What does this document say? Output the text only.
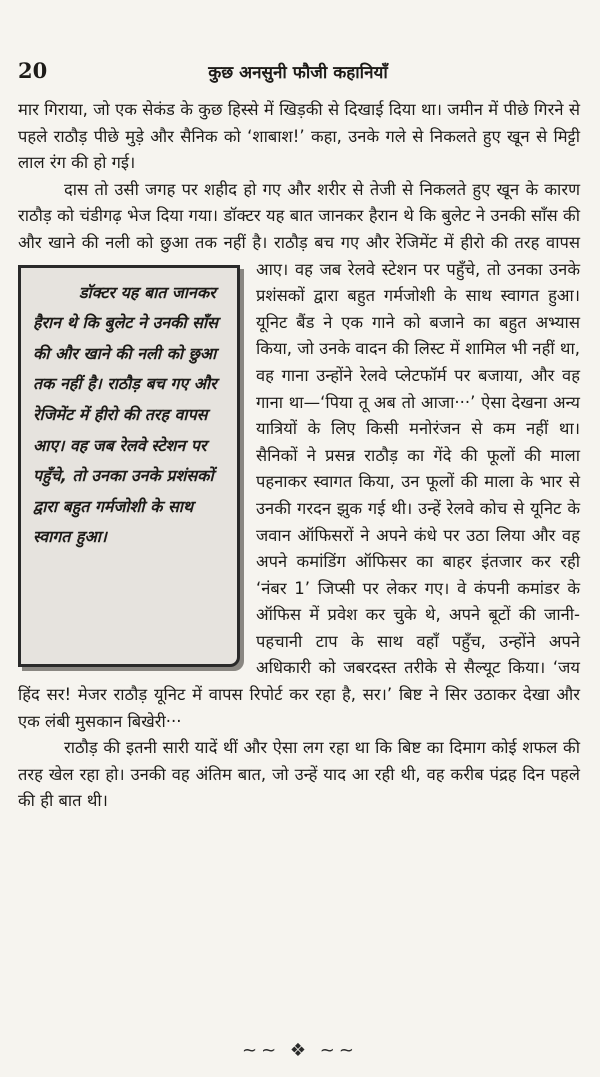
20	कुछ अनसुनी फौजी कहानियाँ

मार गिराया, जो एक सेकंड के कुछ हिस्से में खिड़की से दिखाई दिया था। जमीन में पीछे गिरने से पहले राठौड़ पीछे मुड़े और सैनिक को ‘शाबाश!’ कहा, उनके गले से निकलते हुए खून से मिट्टी लाल रंग की हो गई।

दास तो उसी जगह पर शहीद हो गए और शरीर से तेजी से निकलते हुए खून के कारण राठौड़ को चंडीगढ़ भेज दिया गया। डॉक्टर यह बात जानकर हैरान थे कि बुलेट ने उनकी साँस की और खाने की नली को छुआ तक नहीं है। राठौड़ बच गए और रेजिमेंट में हीरो की तरह वापस आए।
डॉक्टर यह बात जानकर हैरान थे कि बुलेट ने उनकी साँस की और खाने की नली को छुआ तक नहीं है। राठौड़ बच गए और रेजिमेंट में हीरो की तरह वापस आए। वह जब रेलवे स्टेशन पर पहुँचे, तो उनका उनके प्रशंसकों द्वारा बहुत गर्मजोशी के साथ स्वागत हुआ।
वह जब रेलवे स्टेशन पर पहुँचे, तो उनका उनके प्रशंसकों द्वारा बहुत गर्मजोशी के साथ स्वागत हुआ। यूनिट बैंड ने एक गाने को बजाने का बहुत अभ्यास किया, जो उनके वादन की लिस्ट में शामिल भी नहीं था, वह गाना उन्होंने रेलवे प्लेटफॉर्म पर बजाया, और वह गाना था—‘पिया तू अब तो आजा···’ ऐसा देखना अन्य यात्रियों के लिए किसी मनोरंजन से कम नहीं था। सैनिकों ने प्रसन्न राठौड़ का गेंदे की फूलों की माला पहनाकर स्वागत किया, उन फूलों की माला के भार से उनकी गरदन झुक गई थी। उन्हें रेलवे कोच से यूनिट के जवान ऑफिसरों ने अपने कंधे पर उठा लिया और वह अपने कमांडिंग ऑफिसर का बाहर इंतजार कर रही ‘नंबर 1’ जिप्सी पर लेकर गए। वे कंपनी कमांडर के ऑफिस में प्रवेश कर चुके थे, अपने बूटों की जानी-पहचानी टाप के साथ वहाँ पहुँच, उन्होंने अपने अधिकारी को जबरदस्त तरीके से सैल्यूट किया। ‘जय हिंद सर! मेजर राठौड़ यूनिट में वापस रिपोर्ट कर रहा है, सर।’ बिष्ट ने सिर उठाकर देखा और एक लंबी मुसकान बिखेरी···

राठौड़ की इतनी सारी यादें थीं और ऐसा लग रहा था कि बिष्ट का दिमाग कोई शफल की तरह खेल रहा हो। उनकी वह अंतिम बात, जो उन्हें याद आ रही थी, वह करीब पंद्रह दिन पहले की ही बात थी।

~~ ❖ ~~
